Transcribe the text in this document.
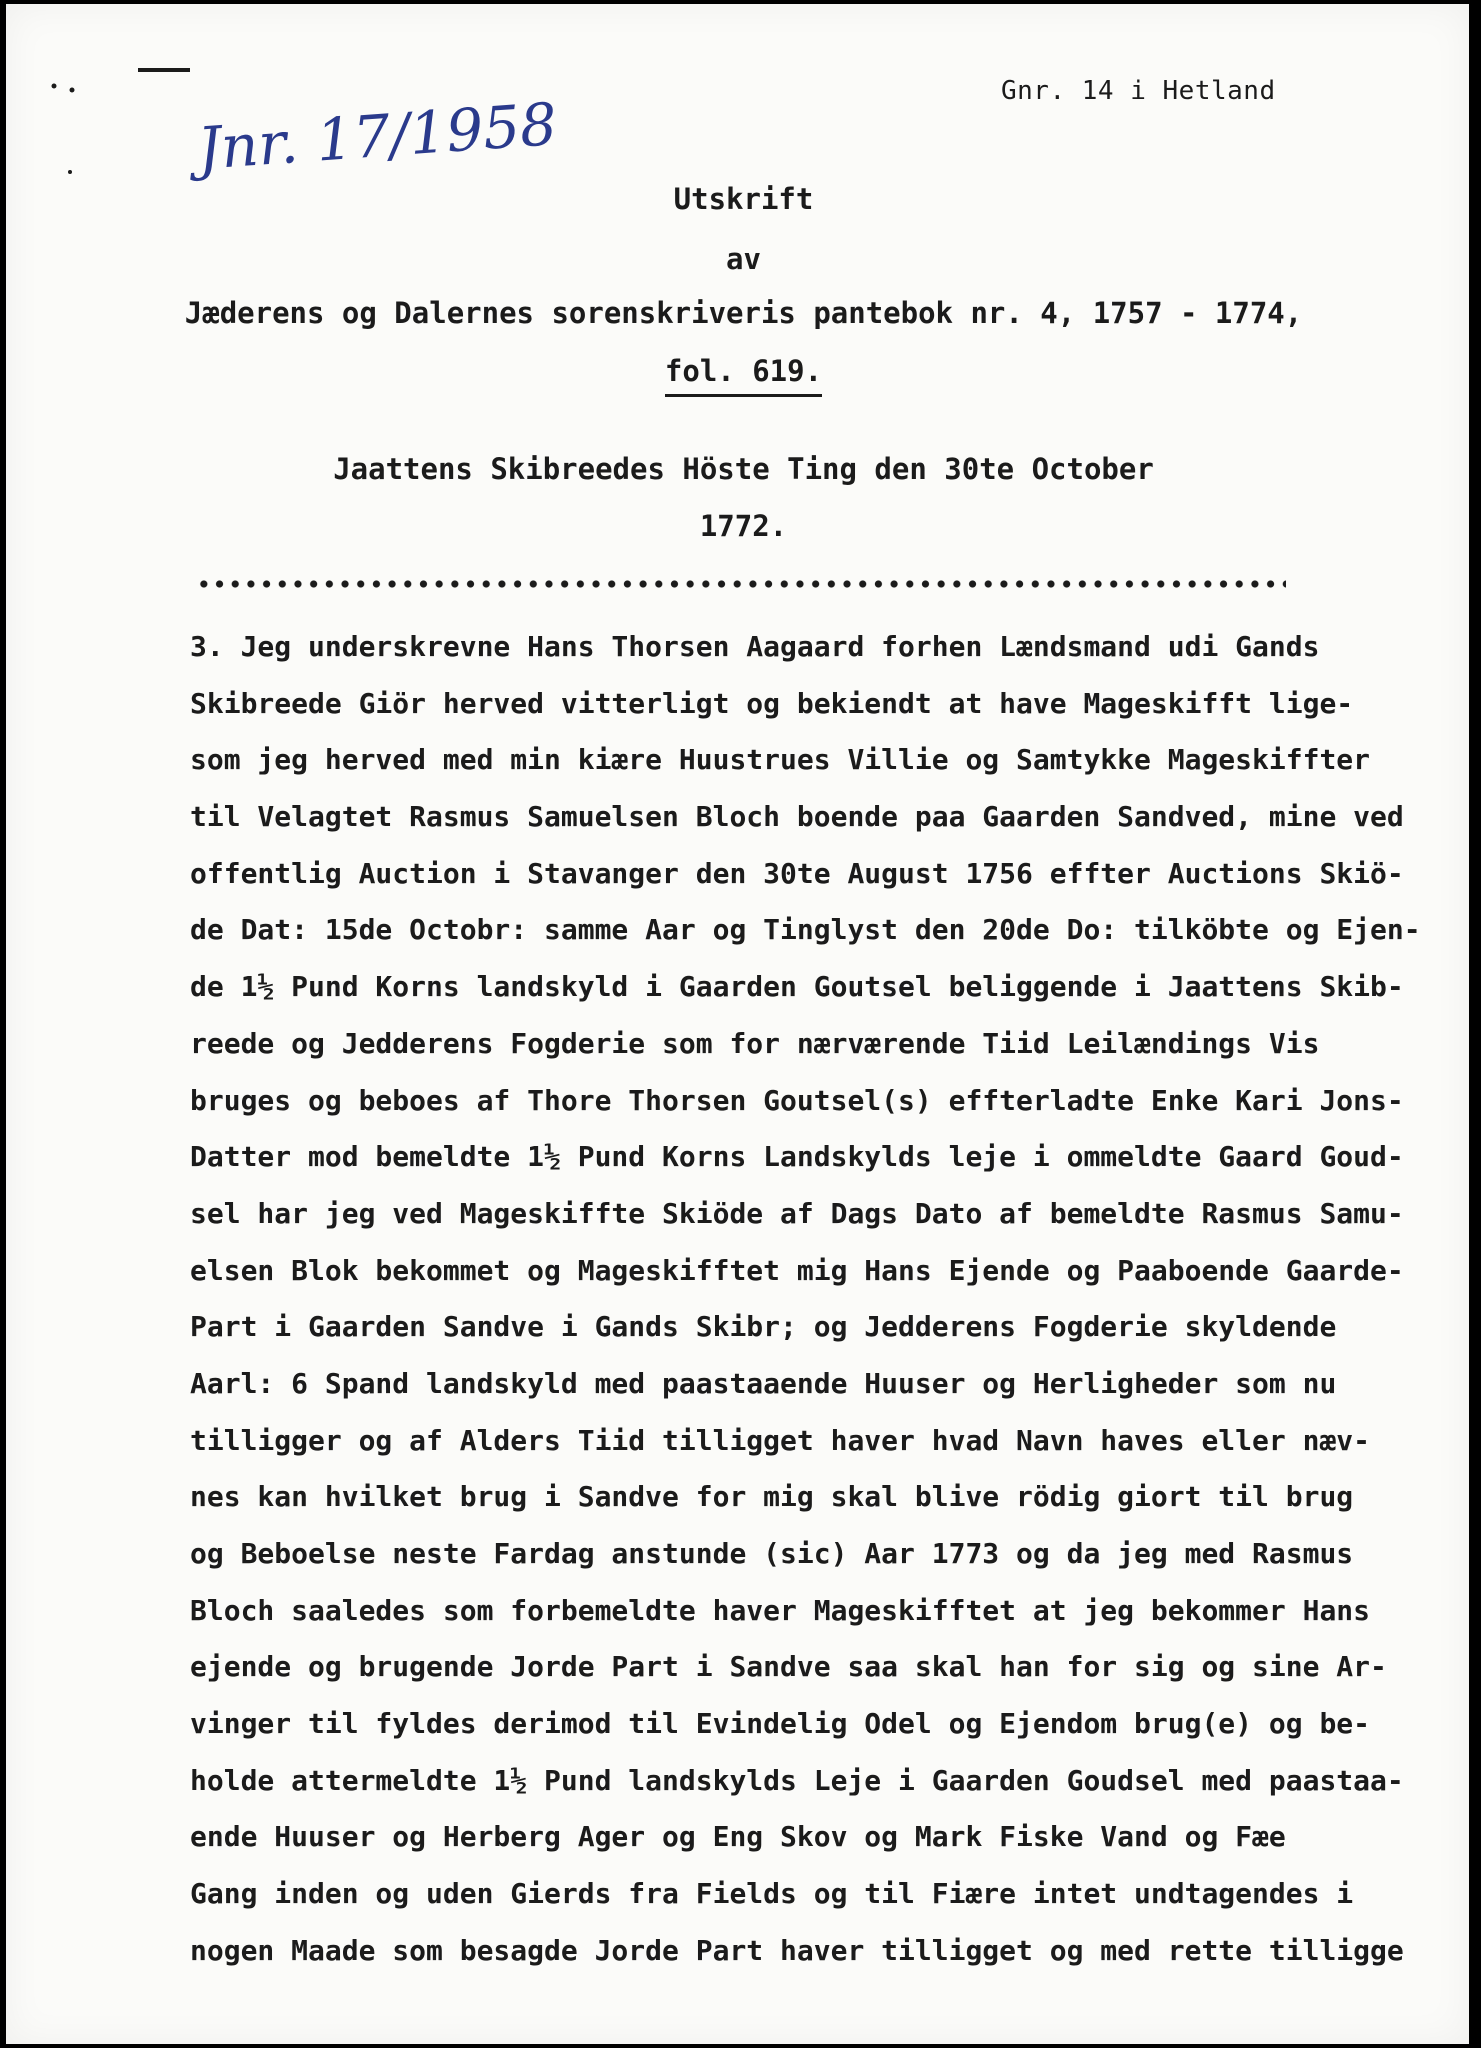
Gnr. 14 i Hetland
Jnr. 17/1958
Utskrift
av
Jæderens og Dalernes sorenskriveris pantebok nr. 4, 1757 - 1774,
fol. 619.
Jaattens Skibreedes Höste Ting den 30te October
1772.
3. Jeg underskrevne Hans Thorsen Aagaard forhen Lændsmand udi Gands
Skibreede Giör herved vitterligt og bekiendt at have Mageskifft lige-
som jeg herved med min kiære Huustrues Villie og Samtykke Mageskiffter
til Velagtet Rasmus Samuelsen Bloch boende paa Gaarden Sandved, mine ved
offentlig Auction i Stavanger den 30te August 1756 effter Auctions Skiö-
de Dat: 15de Octobr: samme Aar og Tinglyst den 20de Do: tilköbte og Ejen-
de 1½ Pund Korns landskyld i Gaarden Goutsel beliggende i Jaattens Skib-
reede og Jedderens Fogderie som for nærværende Tiid Leilændings Vis
bruges og beboes af Thore Thorsen Goutsel(s) effterladte Enke Kari Jons-
Datter mod bemeldte 1½ Pund Korns Landskylds leje i ommeldte Gaard Goud-
sel har jeg ved Mageskiffte Skiöde af Dags Dato af bemeldte Rasmus Samu-
elsen Blok bekommet og Mageskifftet mig Hans Ejende og Paaboende Gaarde-
Part i Gaarden Sandve i Gands Skibr; og Jedderens Fogderie skyldende
Aarl: 6 Spand landskyld med paastaaende Huuser og Herligheder som nu
tilligger og af Alders Tiid tilligget haver hvad Navn haves eller næv-
nes kan hvilket brug i Sandve for mig skal blive rödig giort til brug
og Beboelse neste Fardag anstunde (sic) Aar 1773 og da jeg med Rasmus
Bloch saaledes som forbemeldte haver Mageskifftet at jeg bekommer Hans
ejende og brugende Jorde Part i Sandve saa skal han for sig og sine Ar-
vinger til fyldes derimod til Evindelig Odel og Ejendom brug(e) og be-
holde attermeldte 1½ Pund landskylds Leje i Gaarden Goudsel med paastaa-
ende Huuser og Herberg Ager og Eng Skov og Mark Fiske Vand og Fæe
Gang inden og uden Gierds fra Fields og til Fiære intet undtagendes i
nogen Maade som besagde Jorde Part haver tilligget og med rette tilligge
